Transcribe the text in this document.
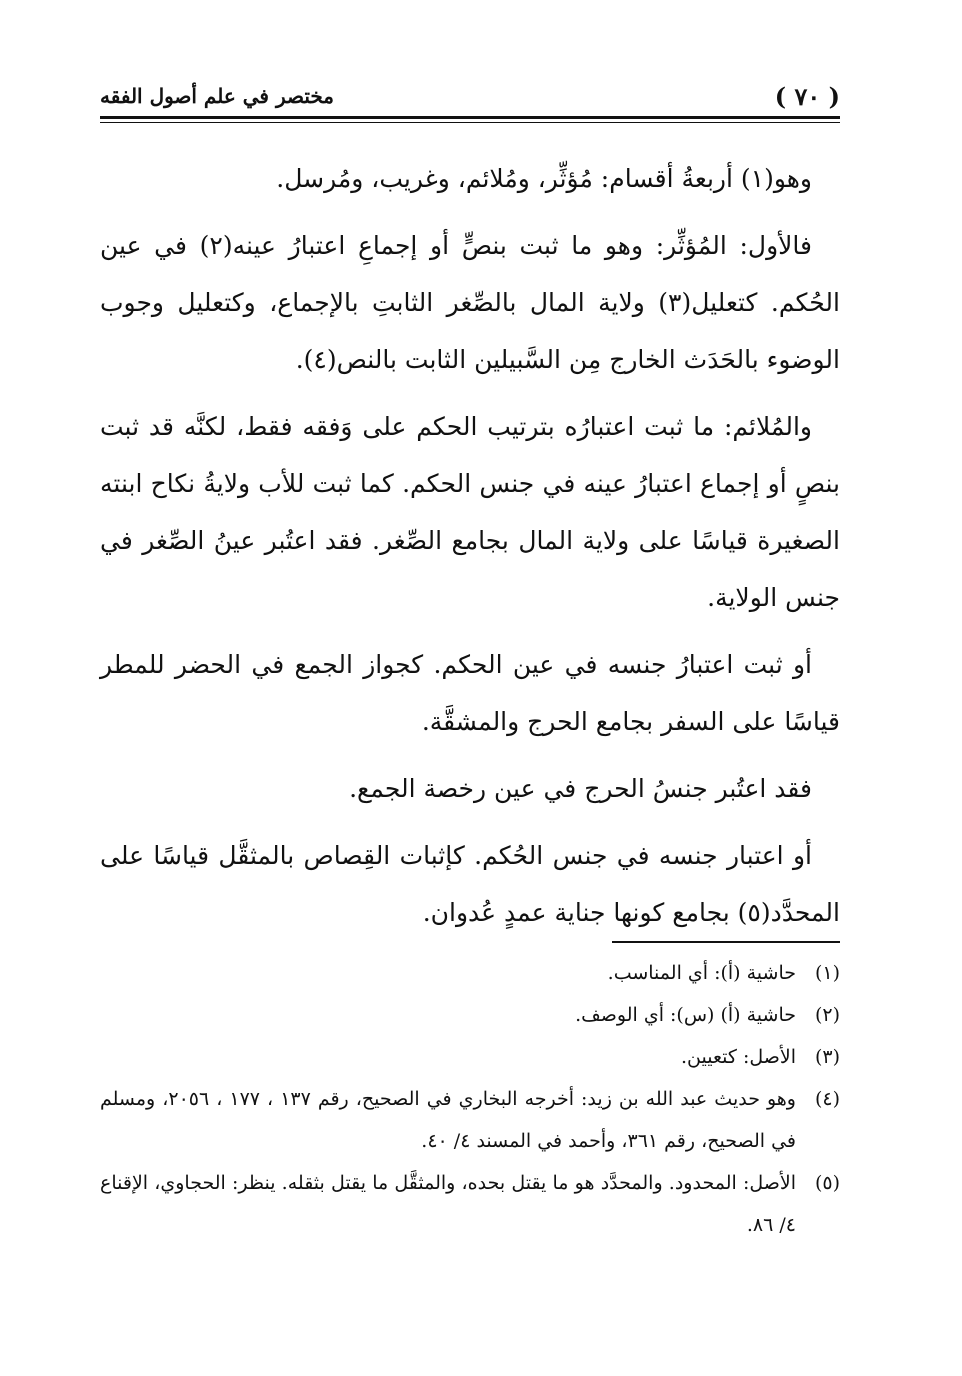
( ٧٠ )
مختصر في علم أصول الفقه

وهو(١) أربعةُ أقسام: مُؤثِّر، ومُلائم، وغريب، ومُرسل.

فالأول: المُؤثِّر: وهو ما ثبت بنصٍّ أو إجماعِ اعتبارُ عينه(٢) في عين الحُكم. كتعليل(٣) ولاية المال بالصِّغر الثابتِ بالإجماع، وكتعليل وجوب الوضوء بالحَدَث الخارج مِن السَّبيلين الثابت بالنص(٤).

والمُلائم: ما ثبت اعتبارُه بترتيب الحكم على وَفقه فقط، لكنَّه قد ثبت بنصٍ أو إجماع اعتبارُ عينه في جنس الحكم. كما ثبت للأب ولايةُ نكاح ابنته الصغيرة قياسًا على ولاية المال بجامع الصِّغر. فقد اعتُبر عينُ الصِّغر في جنس الولاية.

أو ثبت اعتبارُ جنسه في عين الحكم. كجواز الجمع في الحضر للمطر قياسًا على السفر بجامع الحرج والمشقَّة.

فقد اعتُبر جنسُ الحرج في عين رخصة الجمع.

أو اعتبار جنسه في جنس الحُكم. كإثبات القِصاص بالمثقَّل قياسًا على المحدَّد(٥) بجامع كونها جناية عمدٍ عُدوان.

(١)
حاشية (أ): أي المناسب.
(٢)
حاشية (أ) (س): أي الوصف.
(٣)
الأصل: كتعيين.
(٤)
وهو حديث عبد الله بن زيد: أخرجه البخاري في الصحيح، رقم ١٣٧ ، ١٧٧ ، ٢٠٥٦، ومسلم في الصحيح، رقم ٣٦١، وأحمد في المسند ٤/ ٤٠.
(٥)
الأصل: المحدود. والمحدَّد هو ما يقتل بحده، والمثقَّل ما يقتل بثقله. ينظر: الحجاوي، الإقناع ٤/ ٨٦.
